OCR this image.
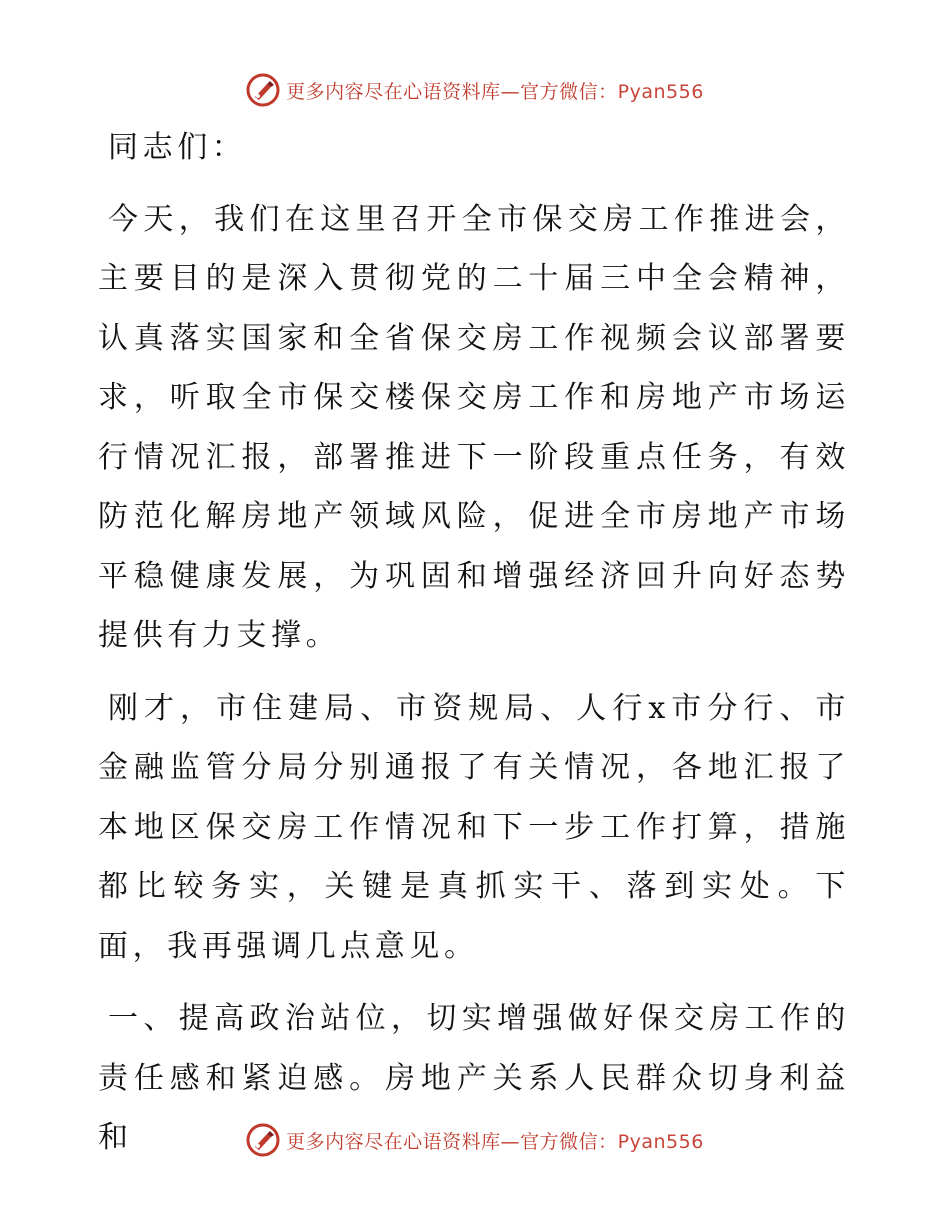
更多内容尽在心语资料库—官方微信：Pyan556

同志们：

今天，我们在这里召开全市保交房工作推进会，主要目的是深入贯彻党的二十届三中全会精神，认真落实国家和全省保交房工作视频会议部署要求，听取全市保交楼保交房工作和房地产市场运行情况汇报，部署推进下一阶段重点任务，有效防范化解房地产领域风险，促进全市房地产市场平稳健康发展，为巩固和增强经济回升向好态势提供有力支撑。

刚才，市住建局、市资规局、人行x市分行、市金融监管分局分别通报了有关情况，各地汇报了本地区保交房工作情况和下一步工作打算，措施都比较务实，关键是真抓实干、落到实处。下面，我再强调几点意见。

一、提高政治站位，切实增强做好保交房工作的责任感和紧迫感。房地产关系人民群众切身利益和	更多内容尽在心语资料库—官方微信：Pyan556
